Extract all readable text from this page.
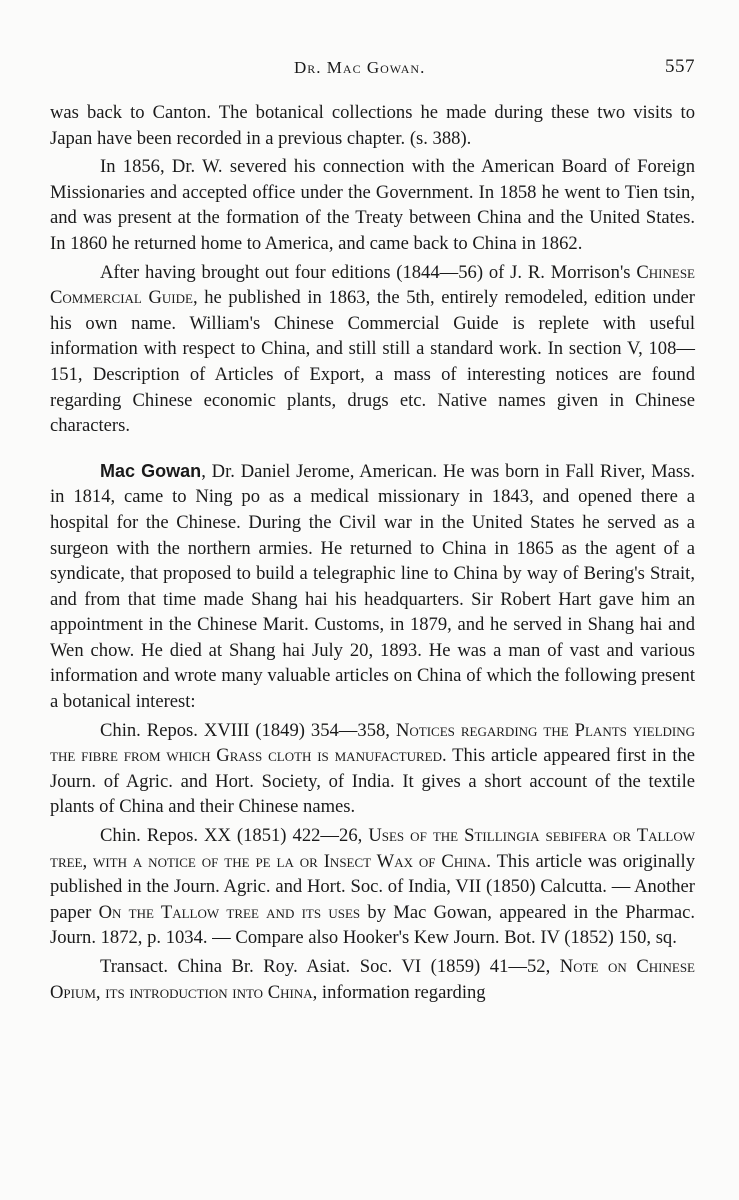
Dr. Mac Gowan.	557

was back to Canton. The botanical collections he made during these two visits to Japan have been recorded in a previous chapter. (s. 388).

In 1856, Dr. W. severed his connection with the American Board of Foreign Missionaries and accepted office under the Government. In 1858 he went to Tien tsin, and was present at the formation of the Treaty between China and the United States. In 1860 he returned home to America, and came back to China in 1862.

After having brought out four editions (1844—56) of J. R. Morrison's Chinese Commercial Guide, he published in 1863, the 5th, entirely remodeled, edition under his own name. William's Chinese Commercial Guide is replete with useful information with respect to China, and still still a standard work. In section V, 108—151, Description of Articles of Export, a mass of interesting notices are found regarding Chinese economic plants, drugs etc. Native names given in Chinese characters.

Mac Gowan, Dr. Daniel Jerome, American. He was born in Fall River, Mass. in 1814, came to Ning po as a medical missionary in 1843, and opened there a hospital for the Chinese. During the Civil war in the United States he served as a surgeon with the northern armies. He returned to China in 1865 as the agent of a syndicate, that proposed to build a telegraphic line to China by way of Bering's Strait, and from that time made Shang hai his headquarters. Sir Robert Hart gave him an appointment in the Chinese Marit. Customs, in 1879, and he served in Shang hai and Wen chow. He died at Shang hai July 20, 1893. He was a man of vast and various information and wrote many valuable articles on China of which the following present a botanical interest:

Chin. Repos. XVIII (1849) 354—358, Notices regarding the Plants yielding the fibre from which Grass cloth is manufactured. This article appeared first in the Journ. of Agric. and Hort. Society, of India. It gives a short account of the textile plants of China and their Chinese names.

Chin. Repos. XX (1851) 422—26, Uses of the Stillingia sebifera or Tallow tree, with a notice of the pe la or Insect Wax of China. This article was originally published in the Journ. Agric. and Hort. Soc. of India, VII (1850) Calcutta. — Another paper On the Tallow tree and its uses by Mac Gowan, appeared in the Pharmac. Journ. 1872, p. 1034. — Compare also Hooker's Kew Journ. Bot. IV (1852) 150, sq.

Transact. China Br. Roy. Asiat. Soc. VI (1859) 41—52, Note on Chinese Opium, its introduction into China, information regarding
